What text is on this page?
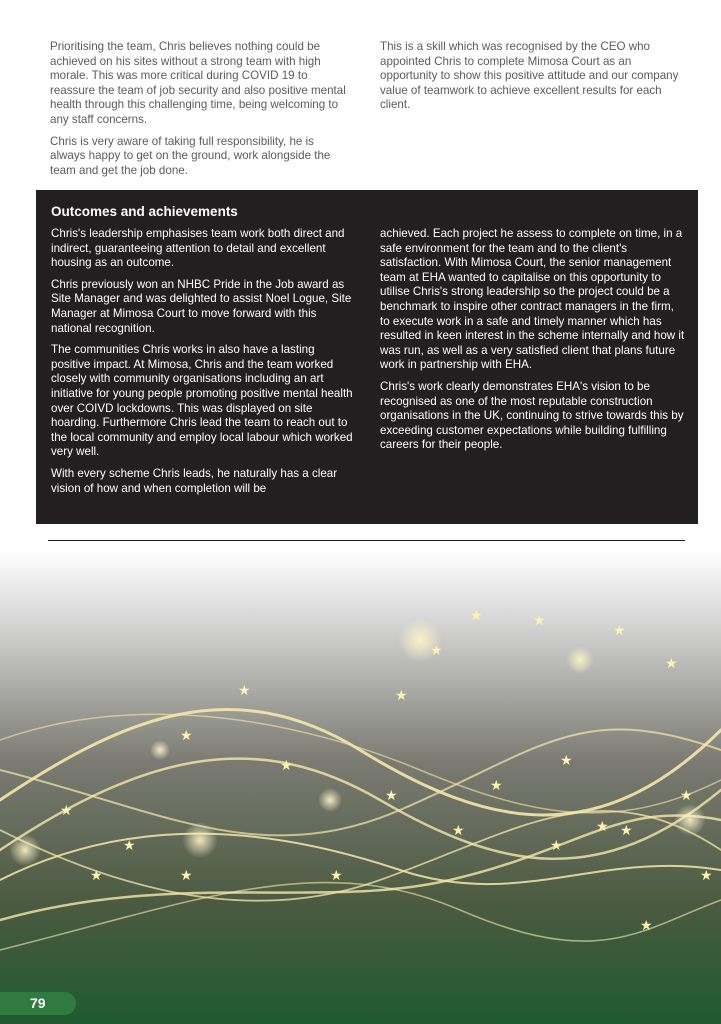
Prioritising the team, Chris believes nothing could be achieved on his sites without a strong team with high morale. This was more critical during COVID 19 to reassure the team of job security and also positive mental health through this challenging time, being welcoming to any staff concerns.

Chris is very aware of taking full responsibility, he is always happy to get on the ground, work alongside the team and get the job done.

This is a skill which was recognised by the CEO who appointed Chris to complete Mimosa Court as an opportunity to show this positive attitude and our company value of teamwork to achieve excellent results for each client.

Outcomes and achievements

Chris's leadership emphasises team work both direct and indirect, guaranteeing attention to detail and excellent housing as an outcome.

Chris previously won an NHBC Pride in the Job award as Site Manager and was delighted to assist Noel Logue, Site Manager at Mimosa Court to move forward with this national recognition.

The communities Chris works in also have a lasting positive impact. At Mimosa, Chris and the team worked closely with community organisations including an art initiative for young people promoting positive mental health over COIVD lockdowns. This was displayed on site hoarding. Furthermore Chris lead the team to reach out to the local community and employ local labour which worked very well.

With every scheme Chris leads, he naturally has a clear vision of how and when completion will be

achieved. Each project he assess to complete on time, in a safe environment for the team and to the client's satisfaction. With Mimosa Court, the senior management team at EHA wanted to capitalise on this opportunity to utilise Chris's strong leadership so the project could be a benchmark to inspire other contract managers in the firm, to execute work in a safe and timely manner which has resulted in keen interest in the scheme internally and how it was run, as well as a very satisfied client that plans future work in partnership with EHA.

Chris's work clearly demonstrates EHA's vision to be recognised as one of the most reputable construction organisations in the UK, continuing to strive towards this by exceeding customer expectations while building fulfilling careers for their people.

★
★
★
★
★
★
★
★
★
★
★	★
★ ★
★
★
★
★
★
★	★
★
★
★
79
